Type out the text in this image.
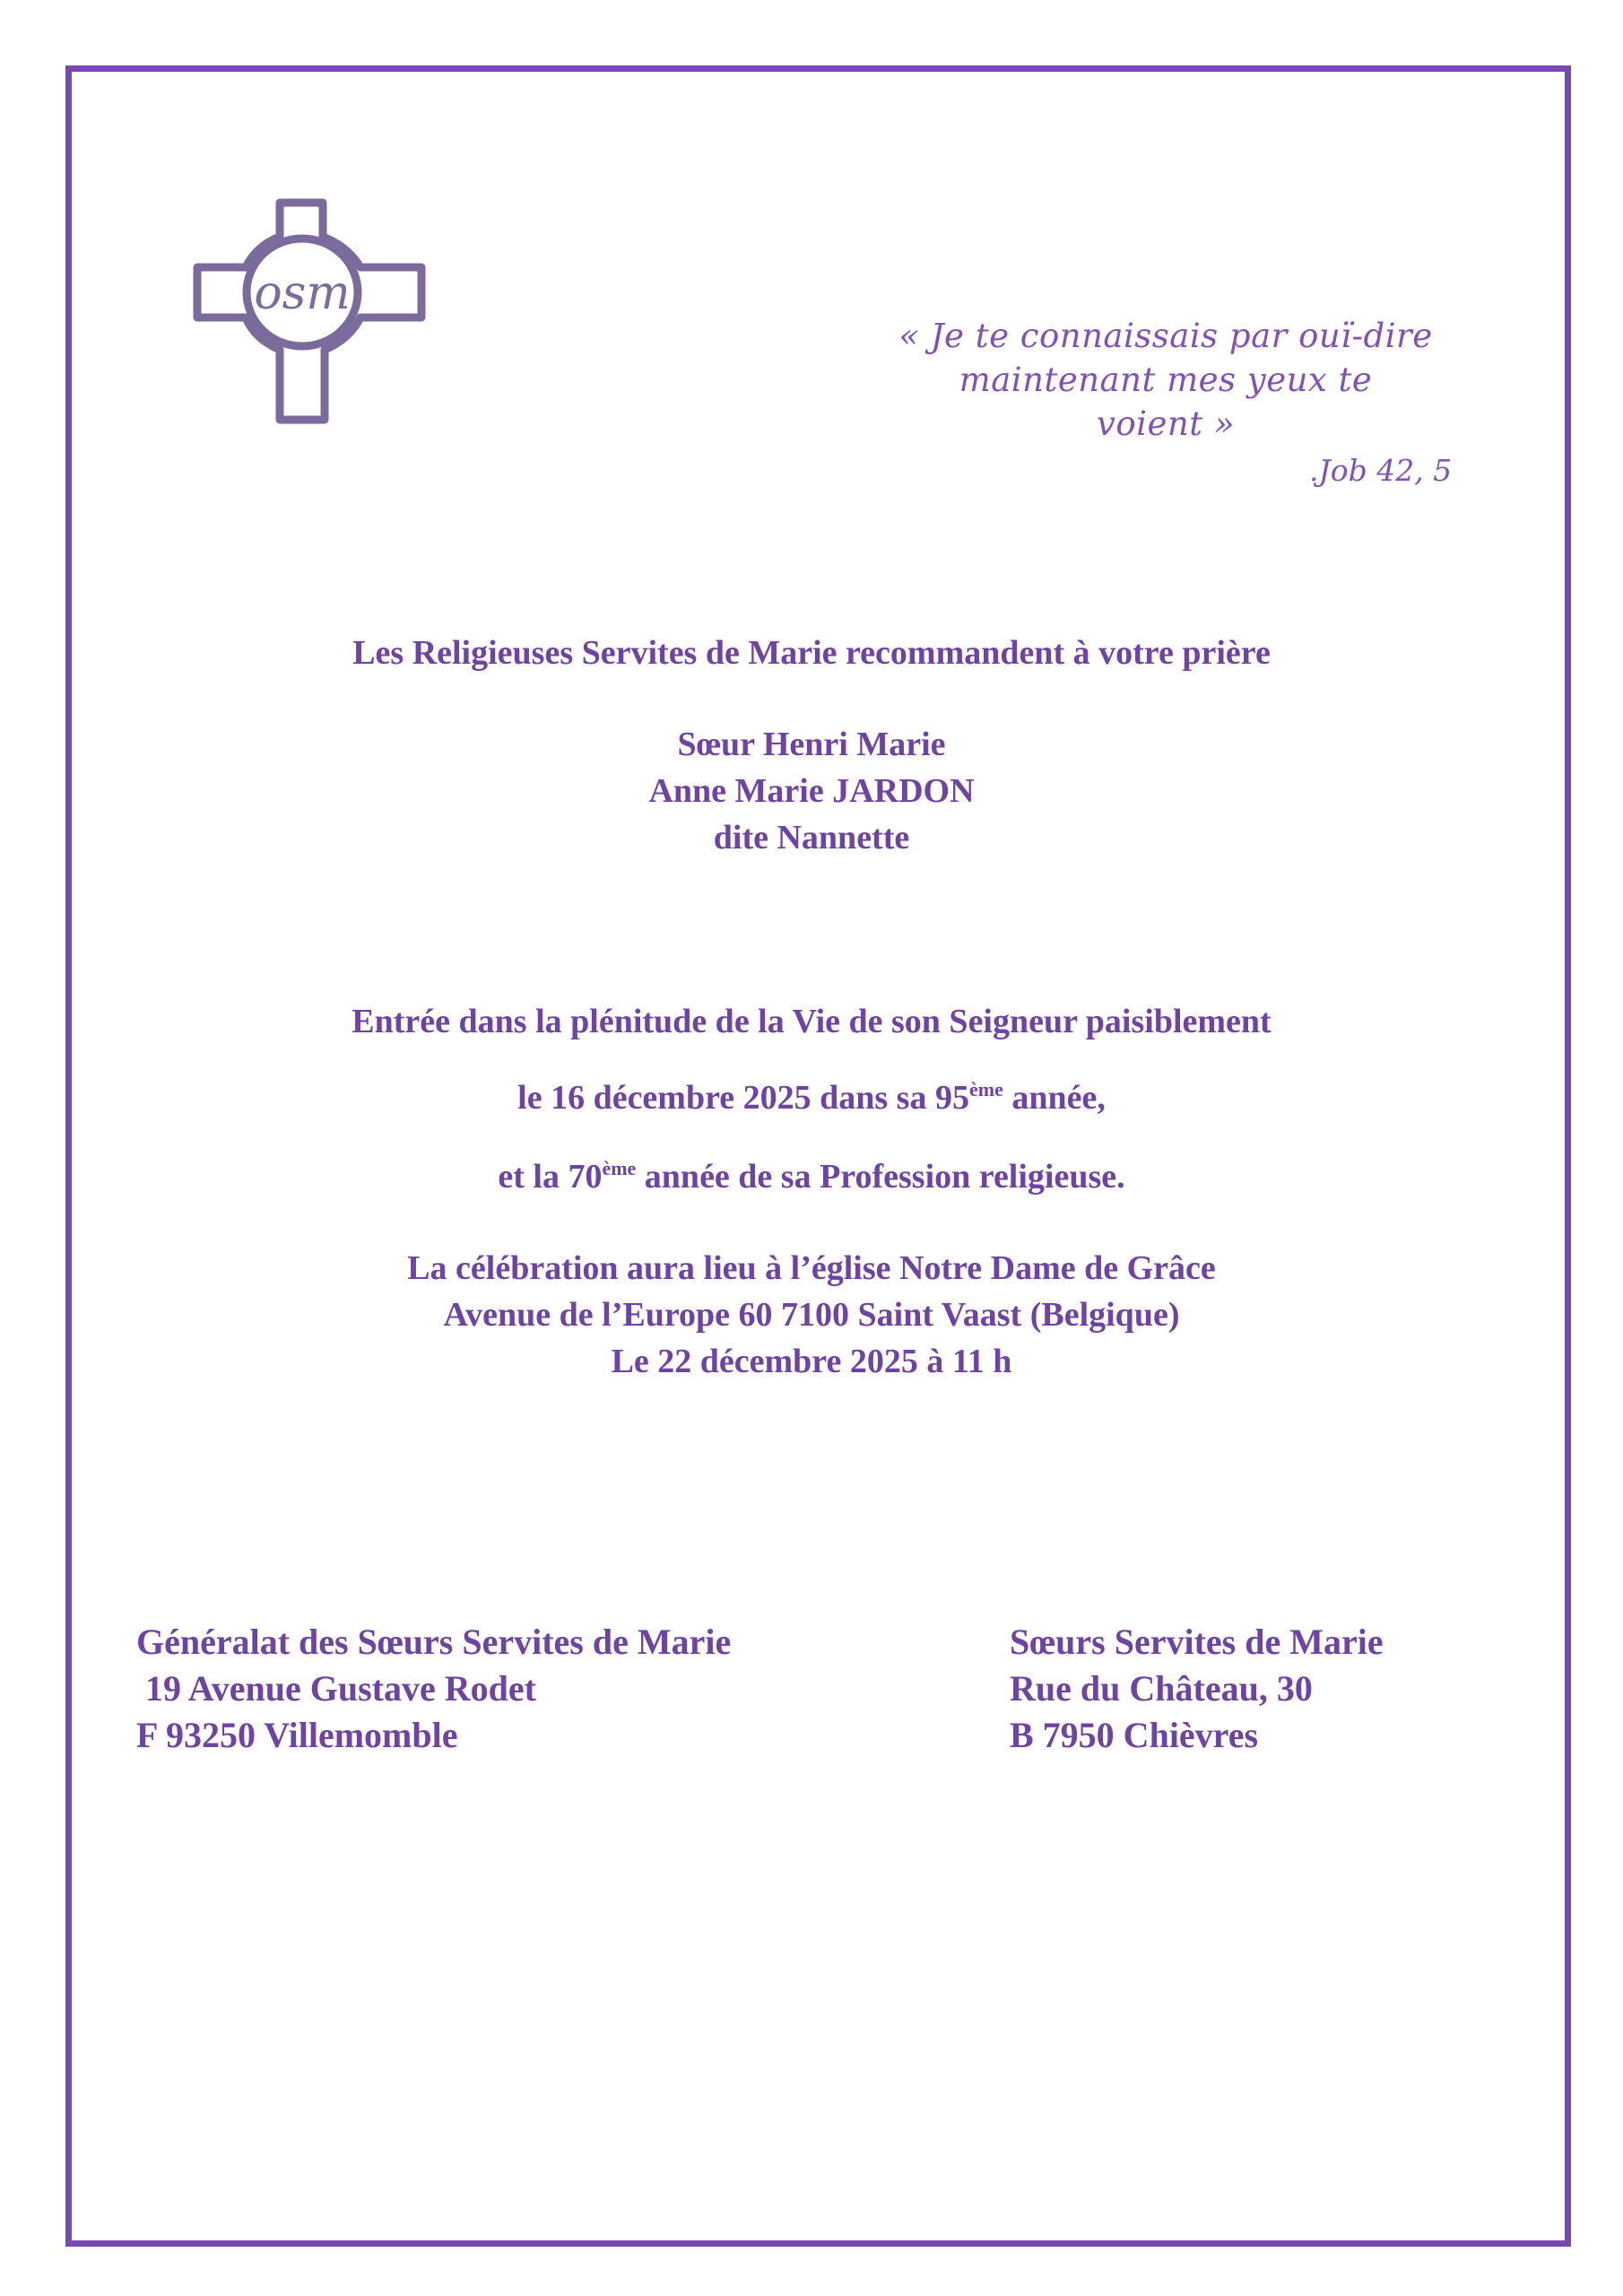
osm
« Je te connaissais par ouï-dire
maintenant mes yeux te
voient »
.Job 42, 5
Les Religieuses Servites de Marie recommandent à votre prière
Sœur Henri Marie
Anne Marie JARDON
dite Nannette
Entrée dans la plénitude de la Vie de son Seigneur paisiblement
le 16 décembre 2025 dans sa 95ème année,
et la 70ème année de sa Profession religieuse.
La célébration aura lieu à l’église Notre Dame de Grâce
Avenue de l’Europe 60 7100 Saint Vaast (Belgique)
Le 22 décembre 2025 à 11 h
Généralat des Sœurs Servites de Marie
19 Avenue Gustave Rodet
F 93250 Villemomble
Sœurs Servites de Marie
Rue du Château, 30
B 7950 Chièvres
